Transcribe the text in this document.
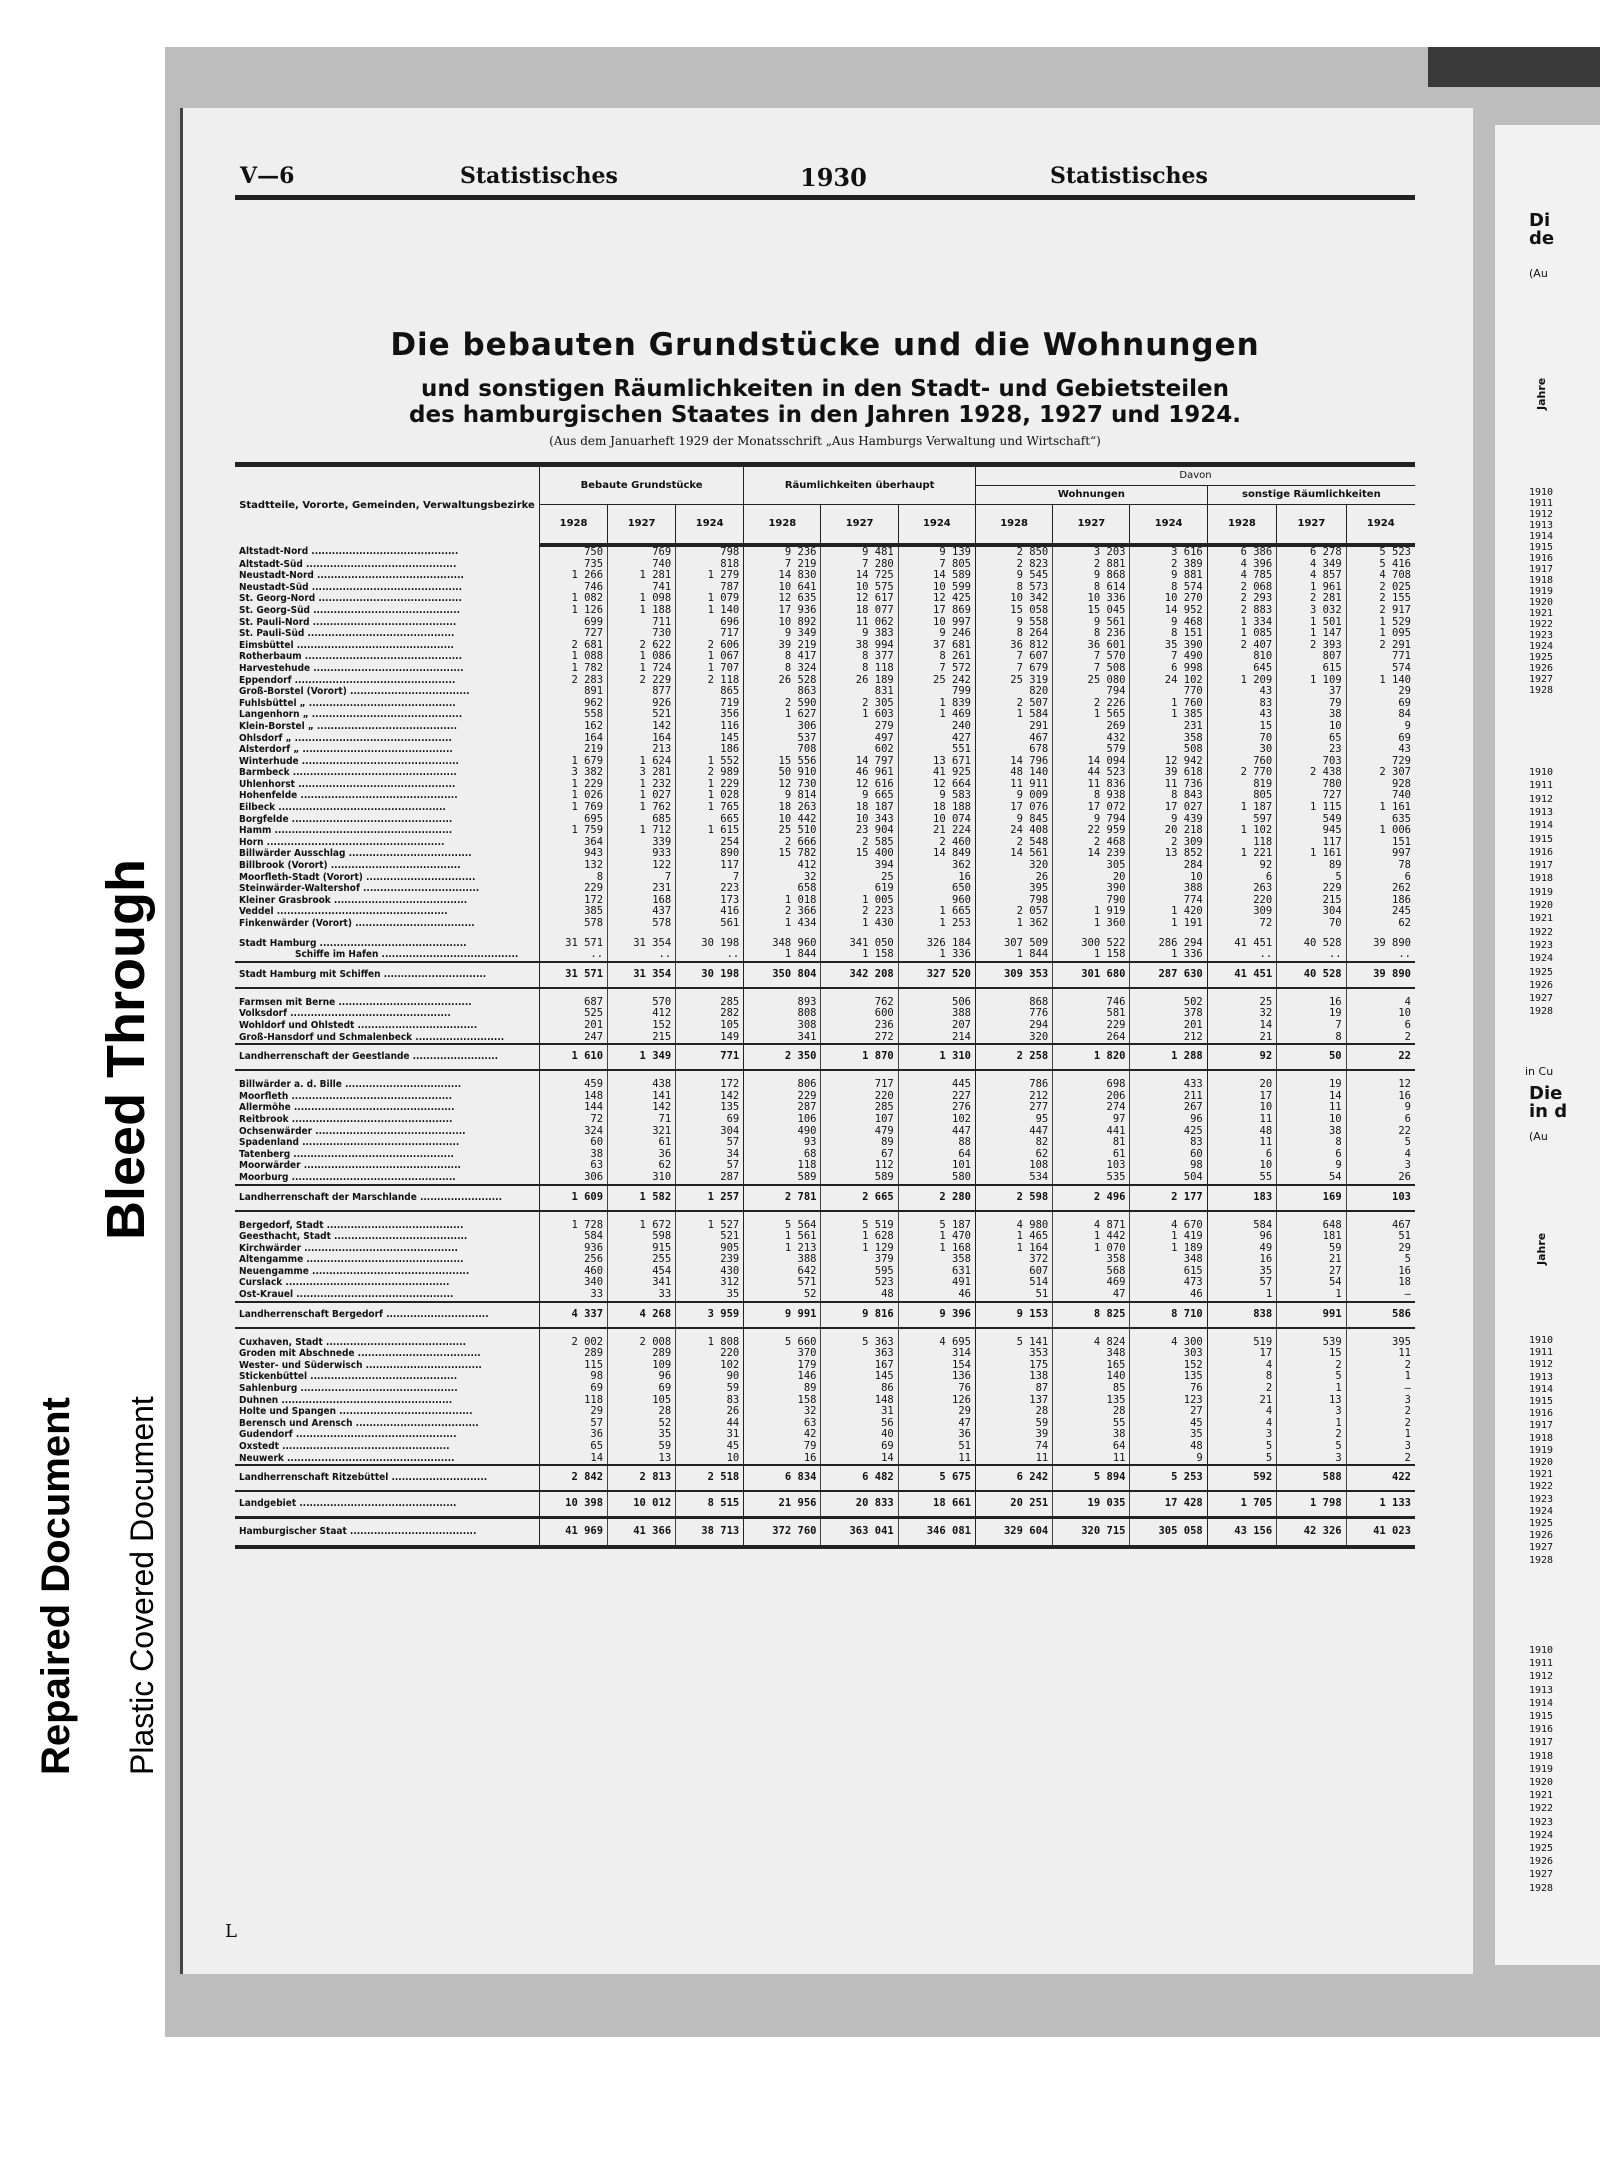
Bleed Through
Repaired Document Plastic Covered Document
V—6	Statistisches	1930	Statistisches
Die bebauten Grundstücke und die Wohnungen
und sonstigen Räumlichkeiten in den Stadt- und Gebietsteilen
des hamburgischen Staates in den Jahren 1928, 1927 und 1924.
(Aus dem Januarheft 1929 der Monatsschrift „Aus Hamburgs Verwaltung und Wirtschaft“)
Stadtteile, Vororte, Gemeinden, Verwaltungsbezirke	Bebaute Grundstücke			Räumlichkeiten überhaupt			Davon					
							Wohnungen			sonstige Räumlichkeiten		
	1928	1927	1924	1928	1927	1924	1928	1927	1924	1928	1927	1924
Altstadt-Nord ...........................................	750	769	798	9 236	9 481	9 139	2 850	3 203	3 616	6 386	6 278	5 523
Altstadt-Süd ............................................	735	740	818	7 219	7 280	7 805	2 823	2 881	2 389	4 396	4 349	5 416
Neustadt-Nord ...........................................	1 266	1 281	1 279	14 830	14 725	14 589	9 545	9 868	9 881	4 785	4 857	4 708
Neustadt-Süd ............................................	746	741	787	10 641	10 575	10 599	8 573	8 614	8 574	2 068	1 961	2 025
St. Georg-Nord ..........................................	1 082	1 098	1 079	12 635	12 617	12 425	10 342	10 336	10 270	2 293	2 281	2 155
St. Georg-Süd ...........................................	1 126	1 188	1 140	17 936	18 077	17 869	15 058	15 045	14 952	2 883	3 032	2 917
St. Pauli-Nord ..........................................	699	711	696	10 892	11 062	10 997	9 558	9 561	9 468	1 334	1 501	1 529
St. Pauli-Süd ...........................................	727	730	717	9 349	9 383	9 246	8 264	8 236	8 151	1 085	1 147	1 095
Eimsbüttel ..............................................	2 681	2 622	2 606	39 219	38 994	37 681	36 812	36 601	35 390	2 407	2 393	2 291
Rotherbaum ..............................................	1 088	1 086	1 067	8 417	8 377	8 261	7 607	7 570	7 490	810	807	771
Harvestehude ............................................	1 782	1 724	1 707	8 324	8 118	7 572	7 679	7 508	6 998	645	615	574
Eppendorf ...............................................	2 283	2 229	2 118	26 528	26 189	25 242	25 319	25 080	24 102	1 209	1 109	1 140
Groß-Borstel (Vorort) ...................................	891	877	865	863	831	799	820	794	770	43	37	29
Fuhlsbüttel „ ...........................................	962	926	719	2 590	2 305	1 839	2 507	2 226	1 760	83	79	69
Langenhorn „ ............................................	558	521	356	1 627	1 603	1 469	1 584	1 565	1 385	43	38	84
Klein-Borstel „ .........................................	162	142	116	306	279	240	291	269	231	15	10	9
Ohlsdorf „ ..............................................	164	164	145	537	497	427	467	432	358	70	65	69
Alsterdorf „ ............................................	219	213	186	708	602	551	678	579	508	30	23	43
Winterhude ..............................................	1 679	1 624	1 552	15 556	14 797	13 671	14 796	14 094	12 942	760	703	729
Barmbeck ................................................	3 382	3 281	2 989	50 910	46 961	41 925	48 140	44 523	39 618	2 770	2 438	2 307
Uhlenhorst ..............................................	1 229	1 232	1 229	12 730	12 616	12 664	11 911	11 836	11 736	819	780	928
Hohenfelde ..............................................	1 026	1 027	1 028	9 814	9 665	9 583	9 009	8 938	8 843	805	727	740
Eilbeck .................................................	1 769	1 762	1 765	18 263	18 187	18 188	17 076	17 072	17 027	1 187	1 115	1 161
Borgfelde ...............................................	695	685	665	10 442	10 343	10 074	9 845	9 794	9 439	597	549	635
Hamm ....................................................	1 759	1 712	1 615	25 510	23 904	21 224	24 408	22 959	20 218	1 102	945	1 006
Horn ....................................................	364	339	254	2 666	2 585	2 460	2 548	2 468	2 309	118	117	151
Billwärder Ausschlag ....................................	943	933	890	15 782	15 400	14 849	14 561	14 239	13 852	1 221	1 161	997
Billbrook (Vorort) ......................................	132	122	117	412	394	362	320	305	284	92	89	78
Moorfleth-Stadt (Vorort) ................................	8	7	7	32	25	16	26	20	10	6	5	6
Steinwärder-Waltershof ..................................	229	231	223	658	619	650	395	390	388	263	229	262
Kleiner Grasbrook .......................................	172	168	173	1 018	1 005	960	798	790	774	220	215	186
Veddel ..................................................	385	437	416	2 366	2 223	1 665	2 057	1 919	1 420	309	304	245
Finkenwärder (Vorort) ...................................	578	578	561	1 434	1 430	1 253	1 362	1 360	1 191	72	70	62

Stadt Hamburg ...........................................	31 571	31 354	30 198	348 960	341 050	326 184	307 509	300 522	286 294	41 451	40 528	39 890
Schiffe im Hafen ........................................	..	..	..	1 844	1 158	1 336	1 844	1 158	1 336	..	..	..
Stadt Hamburg mit Schiffen ..............................	31 571	31 354	30 198	350 804	342 208	327 520	309 353	301 680	287 630	41 451	40 528	39 890

Farmsen mit Berne .......................................	687	570	285	893	762	506	868	746	502	25	16	4
Volksdorf ...............................................	525	412	282	808	600	388	776	581	378	32	19	10
Wohldorf und Ohlstedt ...................................	201	152	105	308	236	207	294	229	201	14	7	6
Groß-Hansdorf und Schmalenbeck ..........................	247	215	149	341	272	214	320	264	212	21	8	2
Landherrenschaft der Geestlande .........................	1 610	1 349	771	2 350	1 870	1 310	2 258	1 820	1 288	92	50	22

Billwärder a. d. Bille ..................................	459	438	172	806	717	445	786	698	433	20	19	12
Moorfleth ...............................................	148	141	142	229	220	227	212	206	211	17	14	16
Allermöhe ...............................................	144	142	135	287	285	276	277	274	267	10	11	9
Reitbrook ...............................................	72	71	69	106	107	102	95	97	96	11	10	6
Ochsenwärder ............................................	324	321	304	490	479	447	447	441	425	48	38	22
Spadenland ..............................................	60	61	57	93	89	88	82	81	83	11	8	5
Tatenberg ...............................................	38	36	34	68	67	64	62	61	60	6	6	4
Moorwärder ..............................................	63	62	57	118	112	101	108	103	98	10	9	3
Moorburg ................................................	306	310	287	589	589	580	534	535	504	55	54	26
Landherrenschaft der Marschlande ........................	1 609	1 582	1 257	2 781	2 665	2 280	2 598	2 496	2 177	183	169	103

Bergedorf, Stadt ........................................	1 728	1 672	1 527	5 564	5 519	5 187	4 980	4 871	4 670	584	648	467
Geesthacht, Stadt .......................................	584	598	521	1 561	1 628	1 470	1 465	1 442	1 419	96	181	51
Kirchwärder .............................................	936	915	905	1 213	1 129	1 168	1 164	1 070	1 189	49	59	29
Altengamme ..............................................	256	255	239	388	379	358	372	358	348	16	21	5
Neuengamme ..............................................	460	454	430	642	595	631	607	568	615	35	27	16
Curslack ................................................	340	341	312	571	523	491	514	469	473	57	54	18
Ost-Krauel ..............................................	33	33	35	52	48	46	51	47	46	1	1	—
Landherrenschaft Bergedorf ..............................	4 337	4 268	3 959	9 991	9 816	9 396	9 153	8 825	8 710	838	991	586

Cuxhaven, Stadt .........................................	2 002	2 008	1 808	5 660	5 363	4 695	5 141	4 824	4 300	519	539	395
Groden mit Abschnede ....................................	289	289	220	370	363	314	353	348	303	17	15	11
Wester- und Süderwisch ..................................	115	109	102	179	167	154	175	165	152	4	2	2
Stickenbüttel ...........................................	98	96	90	146	145	136	138	140	135	8	5	1
Sahlenburg ..............................................	69	69	59	89	86	76	87	85	76	2	1	—
Duhnen ..................................................	118	105	83	158	148	126	137	135	123	21	13	3
Holte und Spangen .......................................	29	28	26	32	31	29	28	28	27	4	3	2
Berensch und Arensch ....................................	57	52	44	63	56	47	59	55	45	4	1	2
Gudendorf ...............................................	36	35	31	42	40	36	39	38	35	3	2	1
Oxstedt .................................................	65	59	45	79	69	51	74	64	48	5	5	3
Neuwerk .................................................	14	13	10	16	14	11	11	11	9	5	3	2
Landherrenschaft Ritzebüttel ............................	2 842	2 813	2 518	6 834	6 482	5 675	6 242	5 894	5 253	592	588	422
Landgebiet ..............................................	10 398	10 012	8 515	21 956	20 833	18 661	20 251	19 035	17 428	1 705	1 798	1 133
Hamburgischer Staat .....................................	41 969	41 366	38 713	372 760	363 041	346 081	329 604	320 715	305 058	43 156	42 326	41 023
L
Di
de
(Au
in Cu
Die
in d
(Au
Jahre
Jahre
1910
1911
1912
1913
1914
1915
1916
1917
1918
1919
1920
1921
1922
1923
1924
1925
1926
1927
1928
1910
1911
1912
1913
1914
1915
1916
1917
1918
1919
1920
1921
1922
1923
1924
1925
1926
1927
1928
1910
1911
1912
1913
1914
1915
1916
1917
1918
1919
1920
1921
1922
1923
1924
1925
1926
1927
1928
1910
1911
1912
1913
1914
1915
1916
1917
1918
1919
1920
1921
1922
1923
1924
1925
1926
1927
1928
